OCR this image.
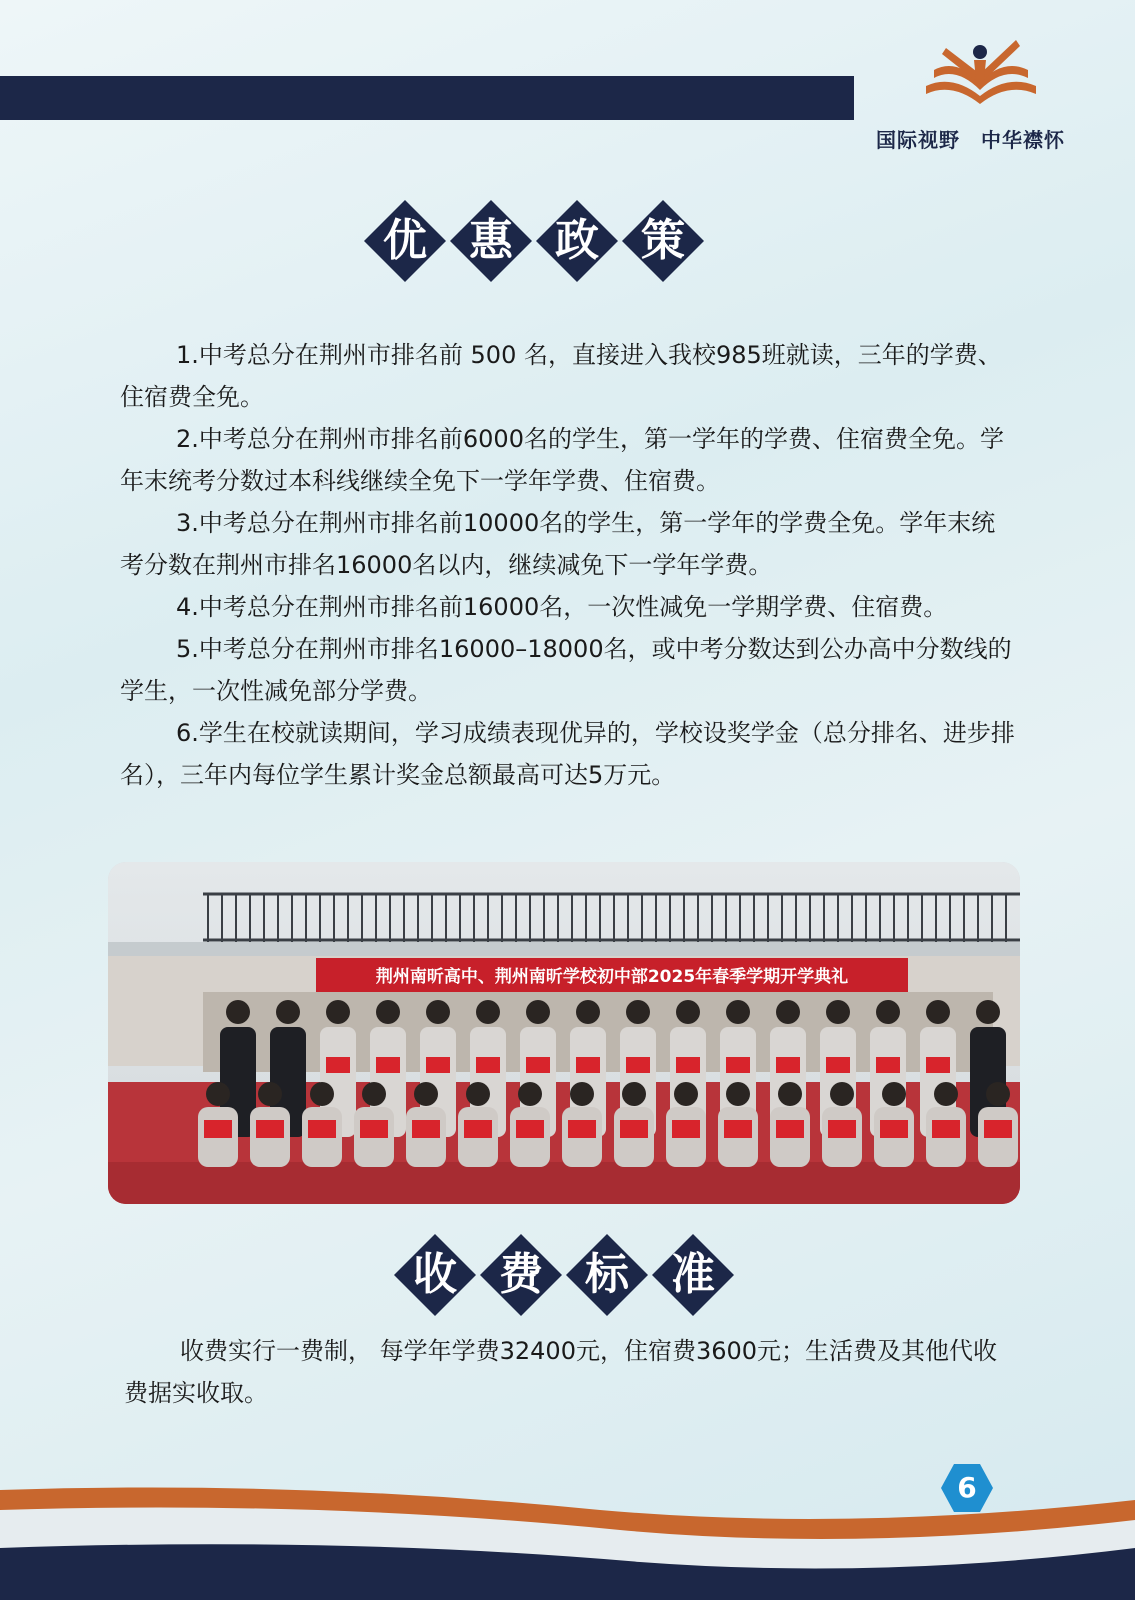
国际视野　中华襟怀
优 惠 政 策

1.中考总分在荆州市排名前 500 名，直接进入我校985班就读，三年的学费、住宿费全免。

2.中考总分在荆州市排名前6000名的学生，第一学年的学费、住宿费全免。学年末统考分数过本科线继续全免下一学年学费、住宿费。

3.中考总分在荆州市排名前10000名的学生，第一学年的学费全免。学年末统考分数在荆州市排名16000名以内，继续减免下一学年学费。

4.中考总分在荆州市排名前16000名，一次性减免一学期学费、住宿费。

5.中考总分在荆州市排名16000–18000名，或中考分数达到公办高中分数线的学生，一次性减免部分学费。

6.学生在校就读期间，学习成绩表现优异的，学校设奖学金（总分排名、进步排名），三年内每位学生累计奖金总额最高可达5万元。

荆州南昕高中、荆州南昕学校初中部2025年春季学期开学典礼
收 费 标 准

收费实行一费制， 每学年学费32400元，住宿费3600元；生活费及其他代收费据实收取。

6
